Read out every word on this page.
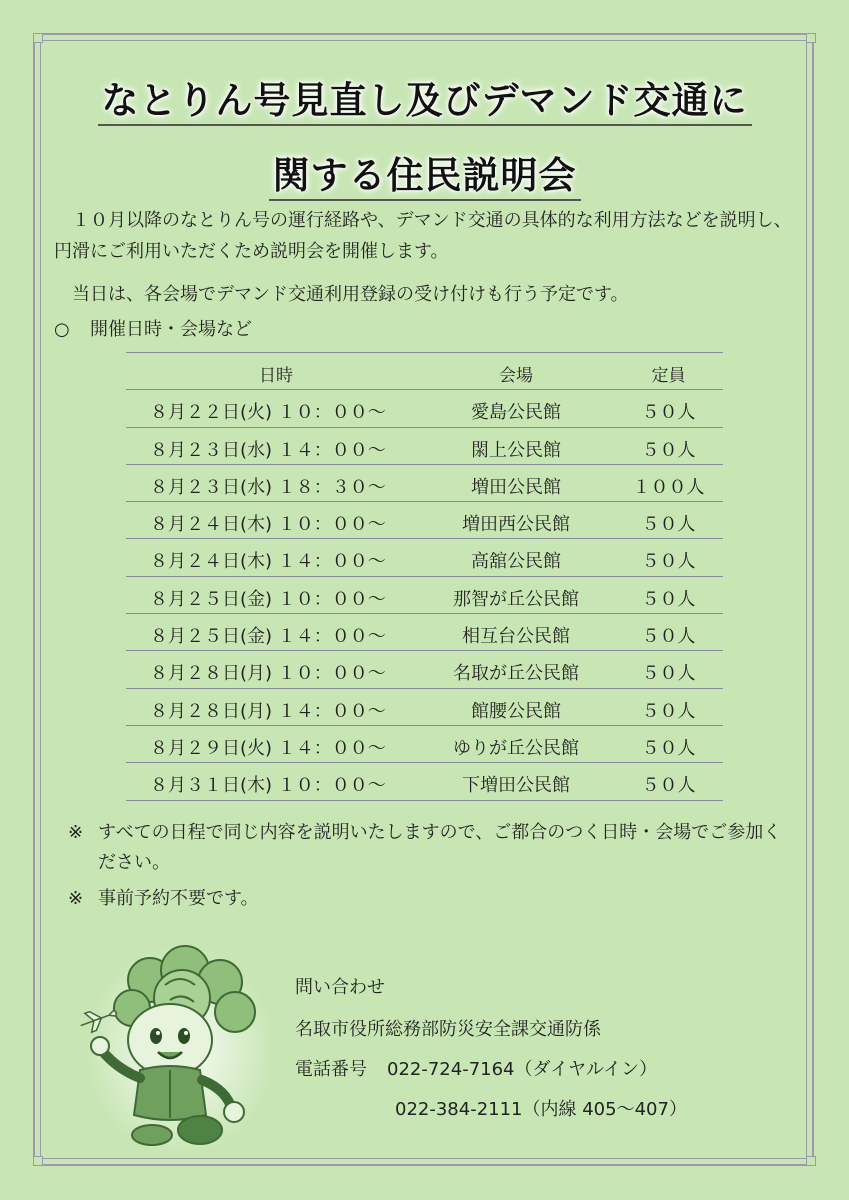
なとりん号見直し及びデマンド交通に
関する住民説明会
１０月以降のなとりん号の運行経路や、デマンド交通の具体的な利用方法などを説明し、円滑にご利用いただくため説明会を開催します。
当日は、各会場でデマンド交通利用登録の受け付けも行う予定です。
○ 開催日時・会場など
日時	会場	定員
８月２２日(火) １０：００～	愛島公民館	５０人
８月２３日(水) １４：００～	閖上公民館	５０人
８月２３日(水) １８：３０～	増田公民館	１００人
８月２４日(木) １０：００～	増田西公民館	５０人
８月２４日(木) １４：００～	高舘公民館	５０人
８月２５日(金) １０：００～	那智が丘公民館	５０人
８月２５日(金) １４：００～	相互台公民館	５０人
８月２８日(月) １０：００～	名取が丘公民館	５０人
８月２８日(月) １４：００～	館腰公民館	５０人
８月２９日(火) １４：００～	ゆりが丘公民館	５０人
８月３１日(木) １０：００～	下増田公民館	５０人
※ すべての日程で同じ内容を説明いたしますので、ご都合のつく日時・会場でご参加ください。
※ 事前予約不要です。
問い合わせ
名取市役所総務部防災安全課交通防係
電話番号 022-724-7164（ダイヤルイン）
022-384-2111（内線 405～407）
